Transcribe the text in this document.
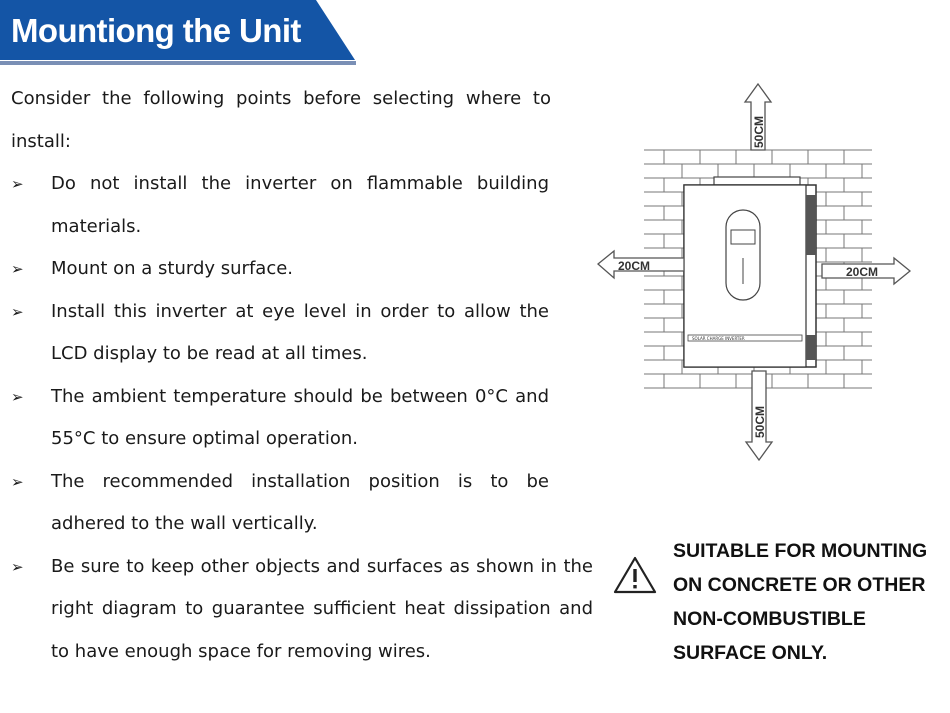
Mountiong the Unit

Consider the following points before selecting where to install:

➢ Do not install the inverter on flammable building materials.
➢ Mount on a sturdy surface.
➢ Install this inverter at eye level in order to allow the LCD display to be read at all times.
➢ The ambient temperature should be between 0°C and 55°C to ensure optimal operation.
➢ The recommended installation position is to be adhered to the wall vertically.
➢ Be sure to keep other objects and surfaces as shown in the right diagram to guarantee sufficient heat dissipation and to have enough space for removing wires.
SOLAR CHARGE INVERTER
50CM
50CM
20CM	20CM

SUITABLE FOR MOUNTING ON CONCRETE OR OTHER NON-COMBUSTIBLE SURFACE ONLY.
